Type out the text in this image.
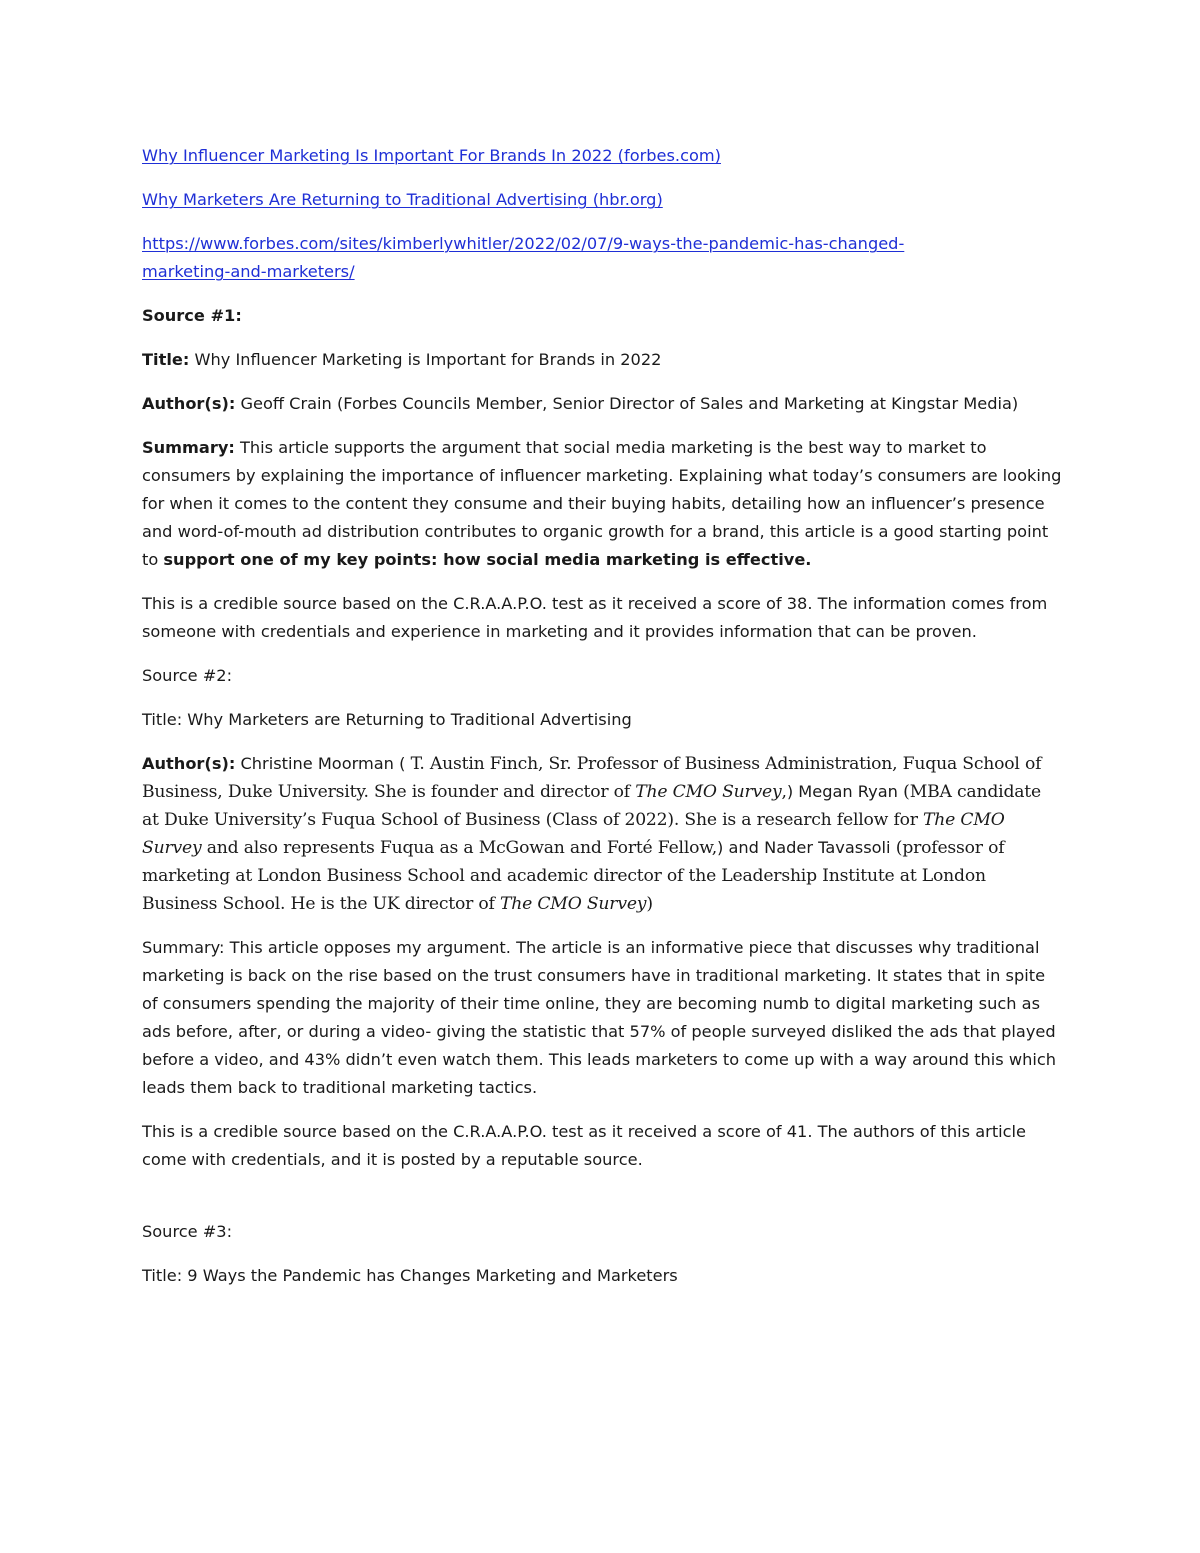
Why Influencer Marketing Is Important For Brands In 2022 (forbes.com)

Why Marketers Are Returning to Traditional Advertising (hbr.org)

https://www.forbes.com/sites/kimberlywhitler/2022/02/07/9-ways-the-pandemic-has-changed-
marketing-and-marketers/

Source #1:

Title: Why Influencer Marketing is Important for Brands in 2022

Author(s): Geoff Crain (Forbes Councils Member, Senior Director of Sales and Marketing at Kingstar Media)

Summary: This article supports the argument that social media marketing is the best way to market to consumers by explaining the importance of influencer marketing. Explaining what today’s consumers are looking for when it comes to the content they consume and their buying habits, detailing how an influencer’s presence and word-of-mouth ad distribution contributes to organic growth for a brand, this article is a good starting point to support one of my key points: how social media marketing is effective.

This is a credible source based on the C.R.A.A.P.O. test as it received a score of 38. The information comes from someone with credentials and experience in marketing and it provides information that can be proven.

Source #2:

Title: Why Marketers are Returning to Traditional Advertising

Author(s): Christine Moorman ( T. Austin Finch, Sr. Professor of Business Administration, Fuqua School of Business, Duke University. She is founder and director of The CMO Survey,) Megan Ryan (MBA candidate at Duke University’s Fuqua School of Business (Class of 2022). She is a research fellow for The CMO Survey and also represents Fuqua as a McGowan and Forté Fellow,) and Nader Tavassoli (professor of marketing at London Business School and academic director of the Leadership Institute at London Business School. He is the UK director of The CMO Survey)

Summary: This article opposes my argument. The article is an informative piece that discusses why traditional marketing is back on the rise based on the trust consumers have in traditional marketing. It states that in spite of consumers spending the majority of their time online, they are becoming numb to digital marketing such as ads before, after, or during a video- giving the statistic that 57% of people surveyed disliked the ads that played before a video, and 43% didn’t even watch them. This leads marketers to come up with a way around this which leads them back to traditional marketing tactics.

This is a credible source based on the C.R.A.A.P.O. test as it received a score of 41. The authors of this article come with credentials, and it is posted by a reputable source.

Source #3:

Title: 9 Ways the Pandemic has Changes Marketing and Marketers
